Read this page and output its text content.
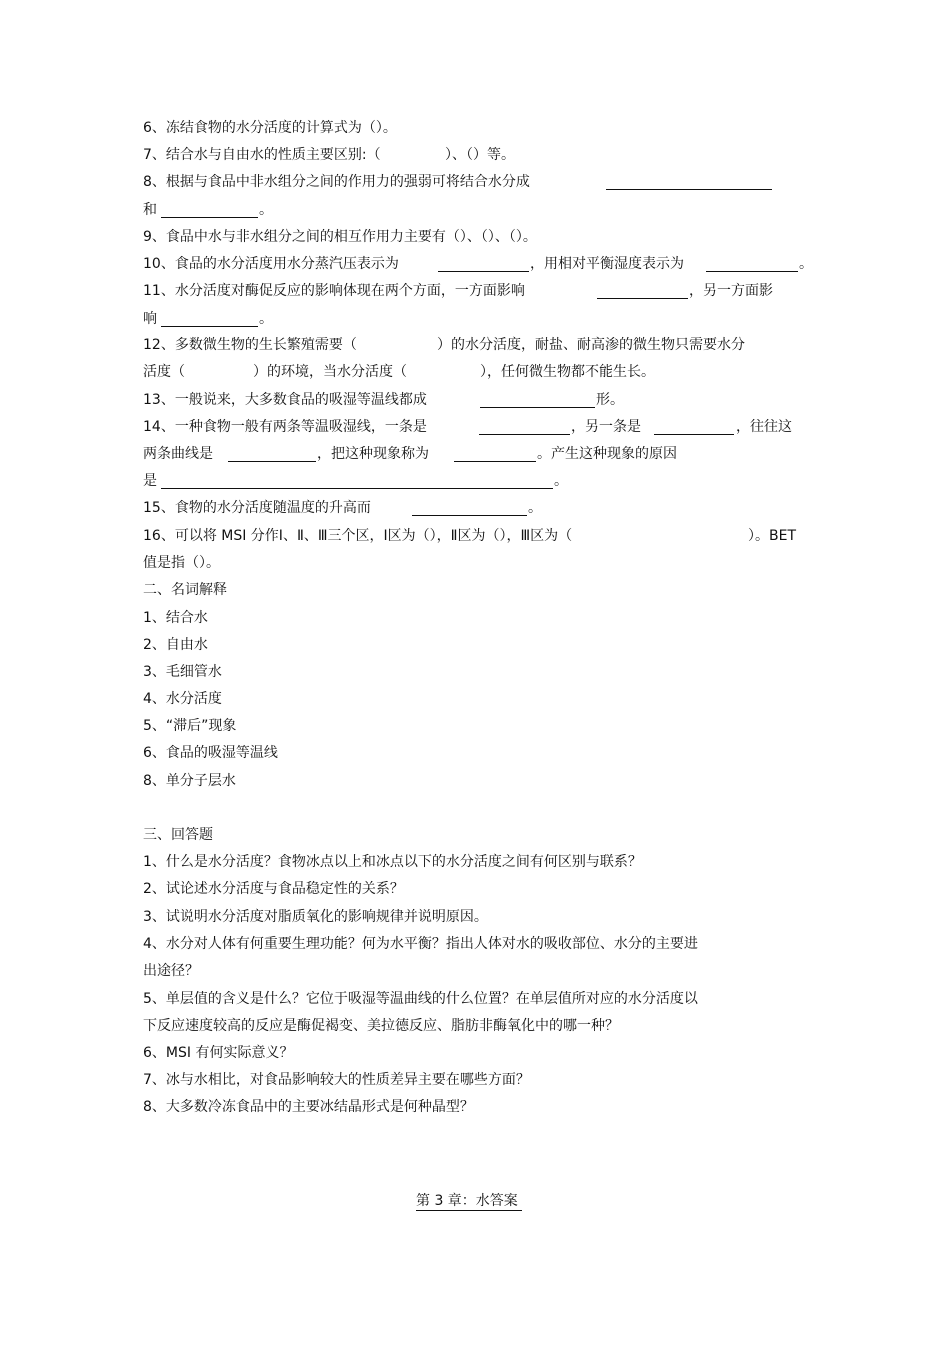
6、冻结食物的水分活度的计算式为（）。
7、结合水与自由水的性质主要区别:（	）、（）等。
8、根据与食品中非水组分之间的作用力的强弱可将结合水分成
和	。
9、食品中水与非水组分之间的相互作用力主要有（）、（）、（）。
10、食品的水分活度用水分蒸汽压表示为	，用相对平衡湿度表示为	。
11、水分活度对酶促反应的影响体现在两个方面，一方面影响	，另一方面影
响	。
12、多数微生物的生长繁殖需要（	）的水分活度，耐盐、耐高渗的微生物只需要水分
活度（	）的环境，当水分活度（	），任何微生物都不能生长。
13、一般说来，大多数食品的吸湿等温线都成	形。
14、一种食物一般有两条等温吸湿线，一条是	，另一条是	，往往这
两条曲线是	，把这种现象称为	。产生这种现象的原因
是	。
15、食物的水分活度随温度的升高而	。
16、可以将 MSI 分作Ⅰ、Ⅱ、Ⅲ三个区，Ⅰ区为（），Ⅱ区为（），Ⅲ区为（	）。BET
值是指（）。
二、名词解释
1、结合水
2、自由水
3、毛细管水
4、水分活度
5、“滞后”现象
6、食品的吸湿等温线
8、单分子层水
三、回答题
1、什么是水分活度？食物冰点以上和冰点以下的水分活度之间有何区别与联系？
2、试论述水分活度与食品稳定性的关系？
3、试说明水分活度对脂质氧化的影响规律并说明原因。
4、水分对人体有何重要生理功能？何为水平衡？指出人体对水的吸收部位、水分的主要进
出途径？
5、单层值的含义是什么？它位于吸湿等温曲线的什么位置？在单层值所对应的水分活度以
下反应速度较高的反应是酶促褐变、美拉德反应、脂肪非酶氧化中的哪一种？
6、MSI 有何实际意义？
7、冰与水相比，对食品影响较大的性质差异主要在哪些方面？
8、大多数冷冻食品中的主要冰结晶形式是何种晶型？
第 3 章：水答案
